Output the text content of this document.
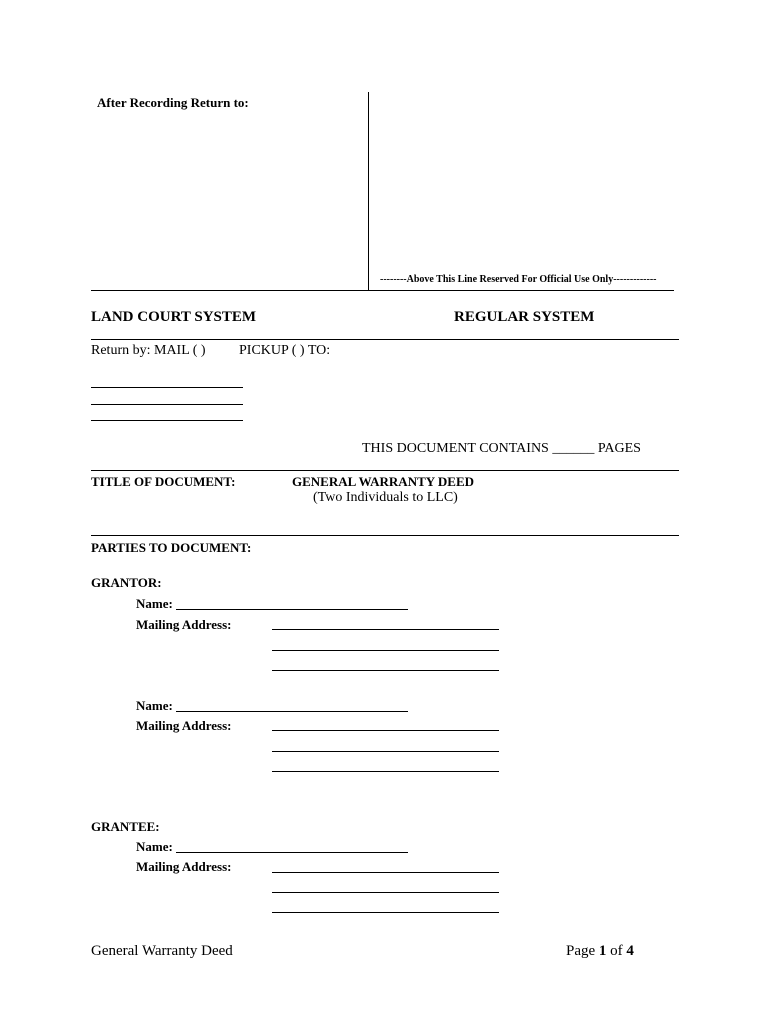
After Recording Return to:
--------Above This Line Reserved For Official Use Only-------------
LAND COURT SYSTEM	REGULAR SYSTEM
Return by: MAIL ( ) PICKUP ( ) TO:
THIS DOCUMENT CONTAINS ______ PAGES
TITLE OF DOCUMENT:	GENERAL WARRANTY DEED
(Two Individuals to LLC)
PARTIES TO DOCUMENT:
GRANTOR:
Name:
Mailing Address:
Name:
Mailing Address:
GRANTEE:
Name:
Mailing Address:
General Warranty Deed	Page 1 of 4
